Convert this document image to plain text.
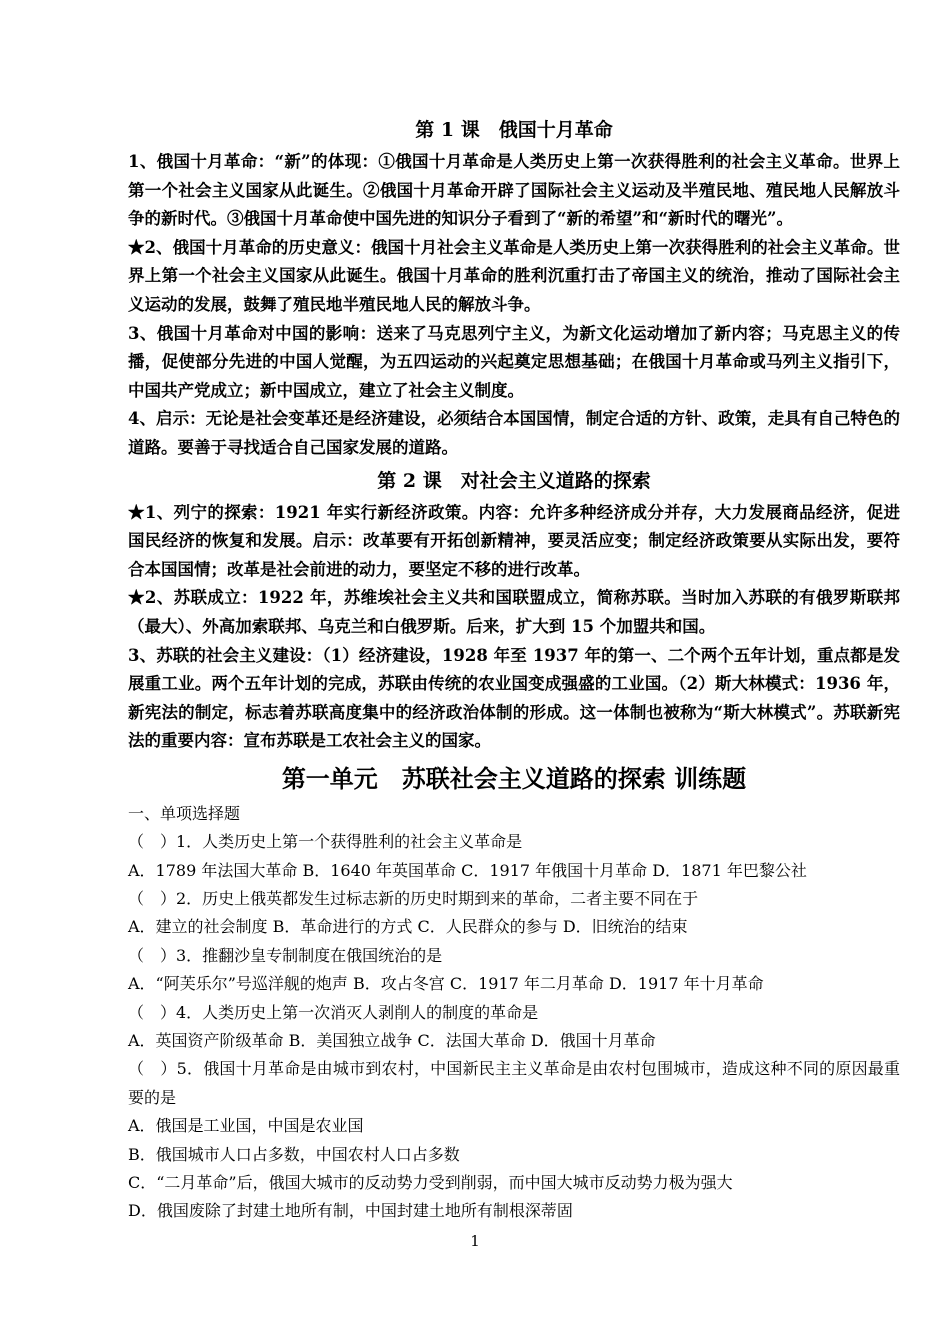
第 1 课　俄国十月革命

1、俄国十月革命：“新”的体现：①俄国十月革命是人类历史上第一次获得胜利的社会主义革命。世界上第一个社会主义国家从此诞生。②俄国十月革命开辟了国际社会主义运动及半殖民地、殖民地人民解放斗争的新时代。③俄国十月革命使中国先进的知识分子看到了“新的希望”和“新时代的曙光”。

★2、俄国十月革命的历史意义：俄国十月社会主义革命是人类历史上第一次获得胜利的社会主义革命。世界上第一个社会主义国家从此诞生。俄国十月革命的胜利沉重打击了帝国主义的统治，推动了国际社会主义运动的发展，鼓舞了殖民地半殖民地人民的解放斗争。

3、俄国十月革命对中国的影响：送来了马克思列宁主义，为新文化运动增加了新内容；马克思主义的传播，促使部分先进的中国人觉醒，为五四运动的兴起奠定思想基础；在俄国十月革命或马列主义指引下，中国共产党成立；新中国成立，建立了社会主义制度。

4、启示：无论是社会变革还是经济建设，必须结合本国国情，制定合适的方针、政策，走具有自己特色的道路。要善于寻找适合自己国家发展的道路。

第 2 课　对社会主义道路的探索

★1、列宁的探索：1921 年实行新经济政策。内容：允许多种经济成分并存，大力发展商品经济，促进国民经济的恢复和发展。启示：改革要有开拓创新精神，要灵活应变；制定经济政策要从实际出发，要符合本国国情；改革是社会前进的动力，要坚定不移的进行改革。

★2、苏联成立：1922 年，苏维埃社会主义共和国联盟成立，简称苏联。当时加入苏联的有俄罗斯联邦（最大）、外高加索联邦、乌克兰和白俄罗斯。后来，扩大到 15 个加盟共和国。

3、苏联的社会主义建设：（1）经济建设，1928 年至 1937 年的第一、二个两个五年计划，重点都是发展重工业。两个五年计划的完成，苏联由传统的农业国变成强盛的工业国。（2）斯大林模式：1936 年，新宪法的制定，标志着苏联高度集中的经济政治体制的形成。这一体制也被称为“斯大林模式”。苏联新宪法的重要内容：宣布苏联是工农社会主义的国家。

第一单元　苏联社会主义道路的探索 训练题

一、单项选择题

（　）1．人类历史上第一个获得胜利的社会主义革命是

A．1789 年法国大革命 B．1640 年英国革命 C．1917 年俄国十月革命 D．1871 年巴黎公社

（　）2．历史上俄英都发生过标志新的历史时期到来的革命，二者主要不同在于

A．建立的社会制度 B．革命进行的方式 C．人民群众的参与 D．旧统治的结束

（　）3．推翻沙皇专制制度在俄国统治的是

A．“阿芙乐尔”号巡洋舰的炮声 B．攻占冬宫 C．1917 年二月革命 D．1917 年十月革命

（　）4．人类历史上第一次消灭人剥削人的制度的革命是

A．英国资产阶级革命 B．美国独立战争 C．法国大革命 D．俄国十月革命

（　）5．俄国十月革命是由城市到农村，中国新民主主义革命是由农村包围城市，造成这种不同的原因最重要的是

A．俄国是工业国，中国是农业国

B．俄国城市人口占多数，中国农村人口占多数

C．“二月革命”后，俄国大城市的反动势力受到削弱，而中国大城市反动势力极为强大

D．俄国废除了封建土地所有制，中国封建土地所有制根深蒂固

1
